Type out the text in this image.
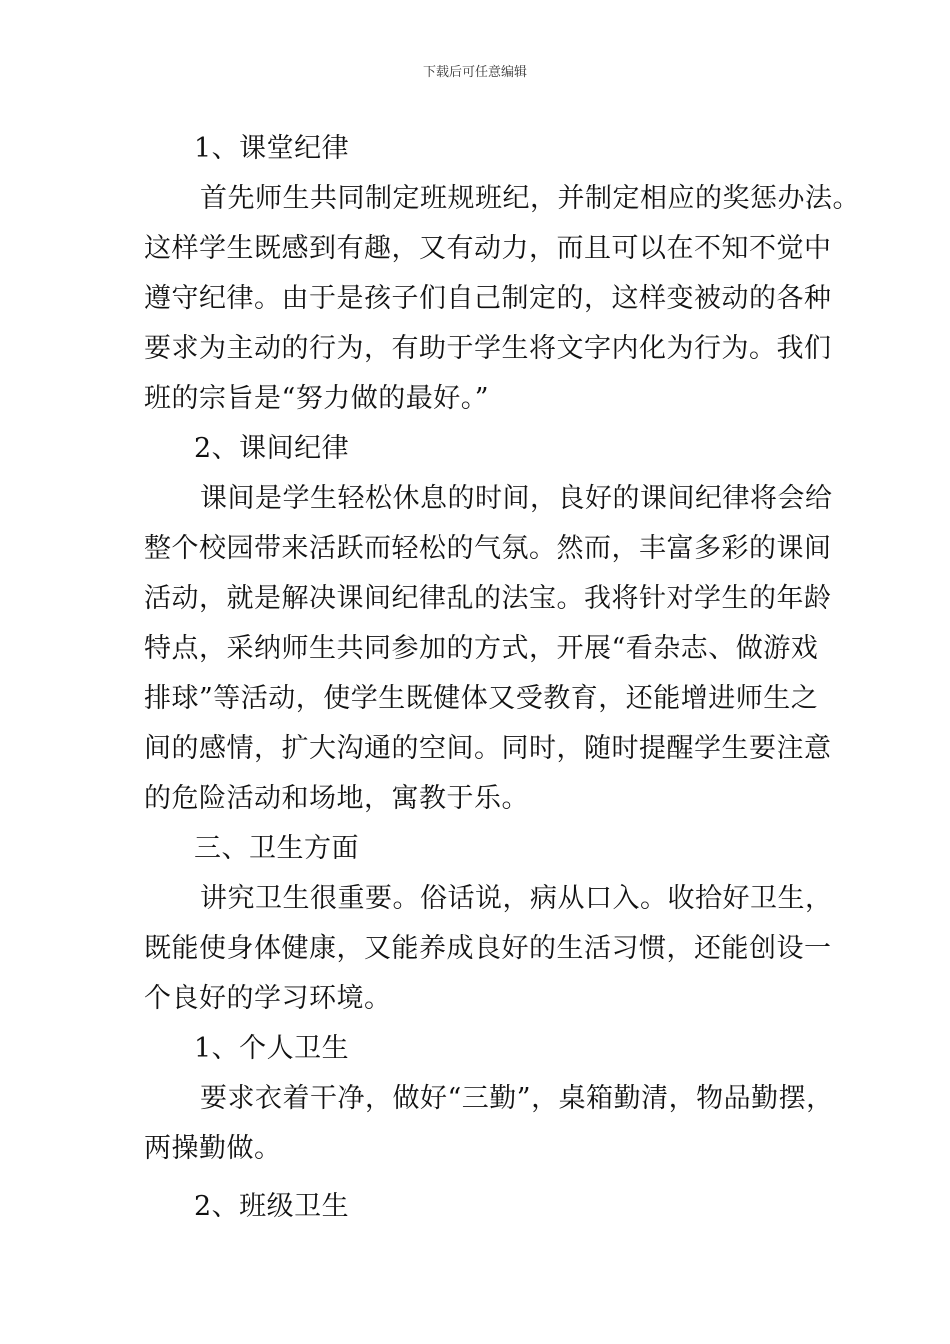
下载后可任意编辑
1、课堂纪律
首先师生共同制定班规班纪，并制定相应的奖惩办法。
这样学生既感到有趣，又有动力，而且可以在不知不觉中
遵守纪律。由于是孩子们自己制定的，这样变被动的各种
要求为主动的行为，有助于学生将文字内化为行为。我们
班的宗旨是“努力做的最好。”
2、课间纪律
课间是学生轻松休息的时间，良好的课间纪律将会给
整个校园带来活跃而轻松的气氛。然而，丰富多彩的课间
活动，就是解决课间纪律乱的法宝。我将针对学生的年龄
特点，采纳师生共同参加的方式，开展“看杂志、做游戏
排球”等活动，使学生既健体又受教育，还能增进师生之
间的感情，扩大沟通的空间。同时，随时提醒学生要注意
的危险活动和场地，寓教于乐。
三、卫生方面
讲究卫生很重要。俗话说，病从口入。收拾好卫生，
既能使身体健康，又能养成良好的生活习惯，还能创设一
个良好的学习环境。
1、个人卫生
要求衣着干净，做好“三勤”，桌箱勤清，物品勤摆，
两操勤做。
2、班级卫生
